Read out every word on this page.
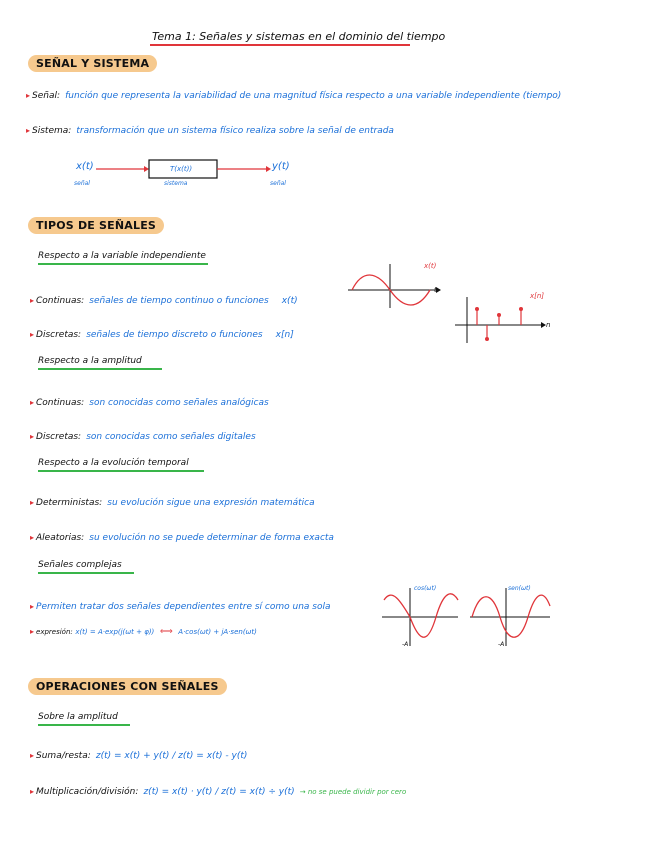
Tema 1: Señales y sistemas en el dominio del tiempo
SEÑAL Y SISTEMA
▸ Señal: función que representa la variabilidad de una magnitud física respecto a una variable independiente (tiempo)
▸ Sistema: transformación que un sistema físico realiza sobre la señal de entrada
x(t)
señal
T(x(t))
sistema
y(t)
señal
TIPOS DE SEÑALES
Respecto a la variable independiente
▸ Continuas: señales de tiempo continuo o funciones x(t)
▸ Discretas: señales de tiempo discreto o funciones x[n]
x(t)
t
x[n]
n
Respecto a la amplitud
▸ Continuas: son conocidas como señales analógicas
▸ Discretas: son conocidas como señales digitales
Respecto a la evolución temporal
▸ Deterministas: su evolución sigue una expresión matemática
▸ Aleatorias: su evolución no se puede determinar de forma exacta
Señales complejas
▸ Permiten tratar dos señales dependientes entre sí como una sola
▸ expresión: x(t) = A·exp(j(ωt + φ)) ⟺ A·cos(ωt) + jA·sen(ωt)
cos(ωt)
-A
sen(ωt)
-A
OPERACIONES CON SEÑALES
Sobre la amplitud
▸ Suma/resta: z(t) = x(t) + y(t) / z(t) = x(t) - y(t)
▸ Multiplicación/división: z(t) = x(t) · y(t) / z(t) = x(t) ÷ y(t) → no se puede dividir por cero
